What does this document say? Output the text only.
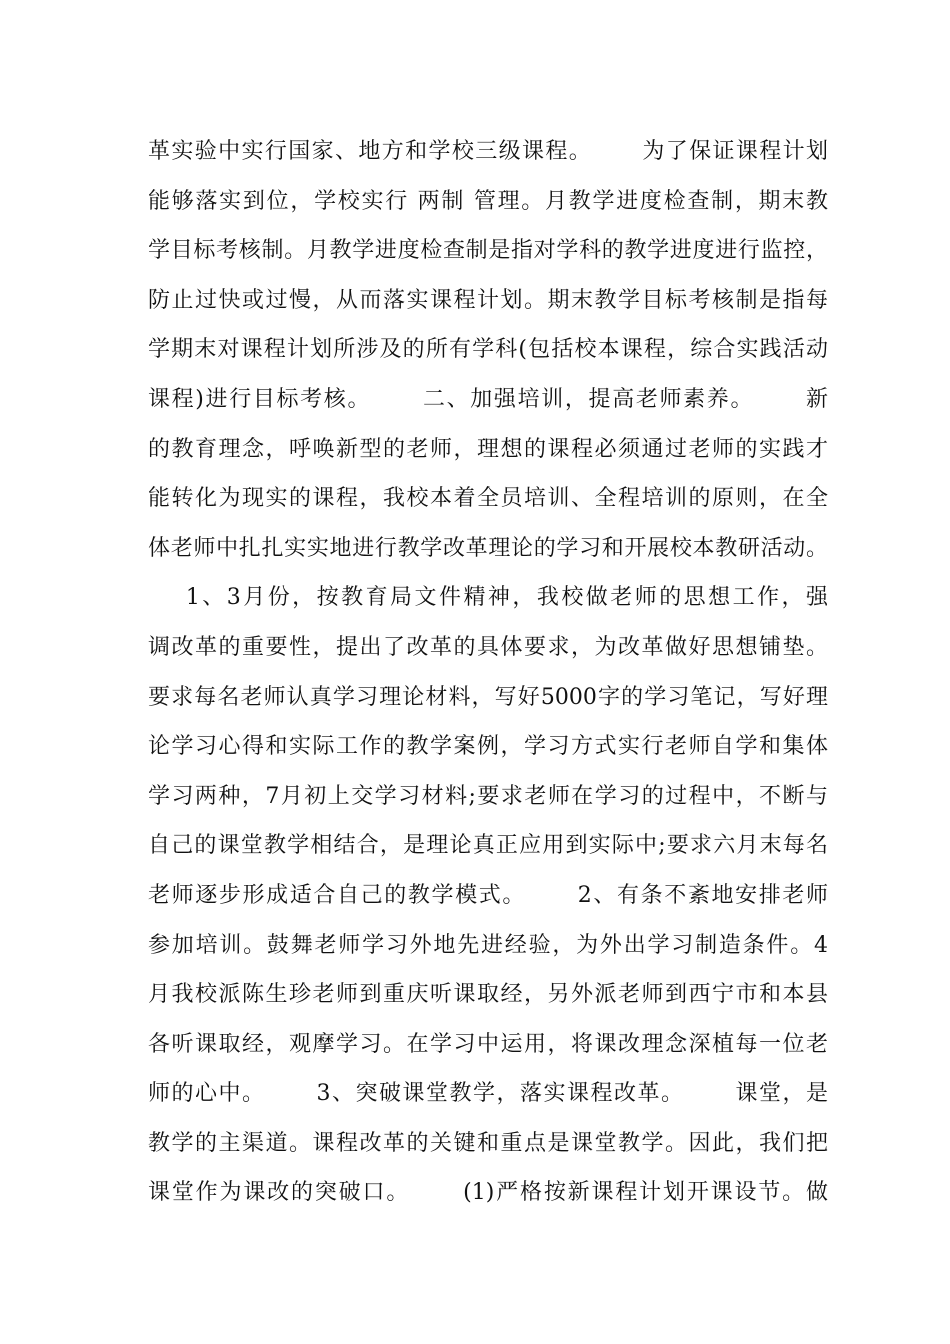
革实验中实行国家、地方和学校三级课程。      为了保证课程计划
能够落实到位，学校实行 两制 管理。月教学进度检查制，期末教
学目标考核制。月教学进度检查制是指对学科的教学进度进行监控，
防止过快或过慢，从而落实课程计划。期末教学目标考核制是指每
学期末对课程计划所涉及的所有学科(包括校本课程，综合实践活动
课程)进行目标考核。      二、加强培训，提高老师素养。      新
的教育理念，呼唤新型的老师，理想的课程必须通过老师的实践才
能转化为现实的课程，我校本着全员培训、全程培训的原则，在全
体老师中扎扎实实地进行教学改革理论的学习和开展校本教研活动。
1、3月份，按教育局文件精神，我校做老师的思想工作，强
调改革的重要性，提出了改革的具体要求，为改革做好思想铺垫。
要求每名老师认真学习理论材料，写好5000字的学习笔记，写好理
论学习心得和实际工作的教学案例，学习方式实行老师自学和集体
学习两种，7月初上交学习材料;要求老师在学习的过程中，不断与
自己的课堂教学相结合，是理论真正应用到实际中;要求六月末每名
老师逐步形成适合自己的教学模式。      2、有条不紊地安排老师
参加培训。鼓舞老师学习外地先进经验，为外出学习制造条件。4
月我校派陈生珍老师到重庆听课取经，另外派老师到西宁市和本县
各听课取经，观摩学习。在学习中运用，将课改理念深植每一位老
师的心中。      3、突破课堂教学，落实课程改革。      课堂，是
教学的主渠道。课程改革的关键和重点是课堂教学。因此，我们把
课堂作为课改的突破口。      (1)严格按新课程计划开课设节。做
